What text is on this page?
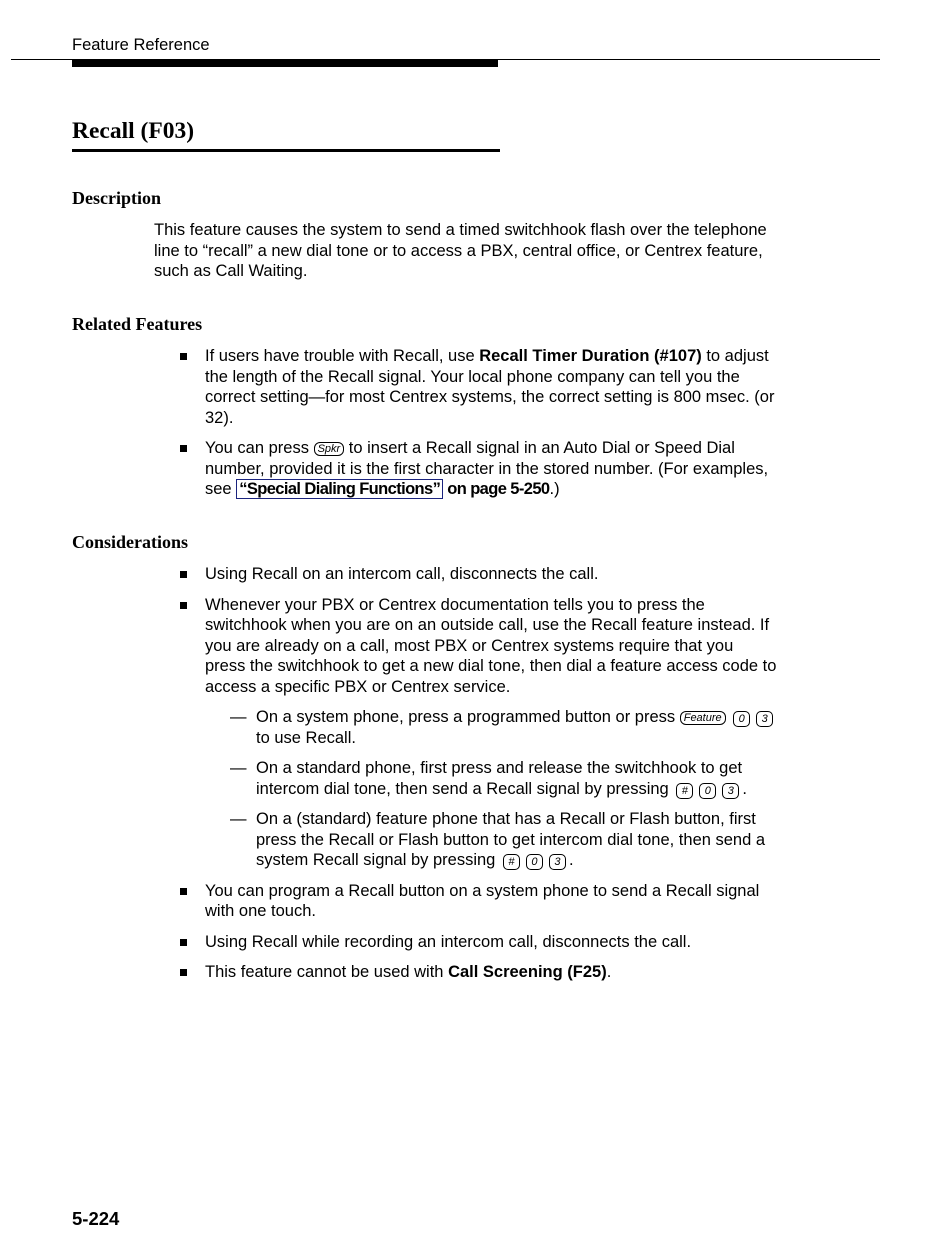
Feature Reference
Recall (F03)
Description

This feature causes the system to send a timed switchhook flash over the telephone line to “recall” a new dial tone or to access a PBX, central office, or Centrex feature, such as Call Waiting.

Related Features
If users have trouble with Recall, use Recall Timer Duration (#107) to adjust the length of the Recall signal. Your local phone company can tell you the correct setting—for most Centrex systems, the correct setting is 800 msec. (or 32).
You can press Spkr to insert a Recall signal in an Auto Dial or Speed Dial number, provided it is the first character in the stored number. (For examples, see “Special Dialing Functions” on page 5-250.)
Considerations
Using Recall on an intercom call, disconnects the call.
Whenever your PBX or Centrex documentation tells you to press the switchhook when you are on an outside call, use the Recall feature instead. If you are already on a call, most PBX or Centrex systems require that you press the switchhook to get a new dial tone, then dial a feature access code to access a specific PBX or Centrex service.
— On a system phone, press a programmed button or press Feature 0 3 to use Recall.
— On a standard phone, first press and release the switchhook to get intercom dial tone, then send a Recall signal by pressing # 0 3 .
— On a (standard) feature phone that has a Recall or Flash button, first press the Recall or Flash button to get intercom dial tone, then send a system Recall signal by pressing # 0 3 .
You can program a Recall button on a system phone to send a Recall signal with one touch.
Using Recall while recording an intercom call, disconnects the call.
This feature cannot be used with Call Screening (F25).
5-224
